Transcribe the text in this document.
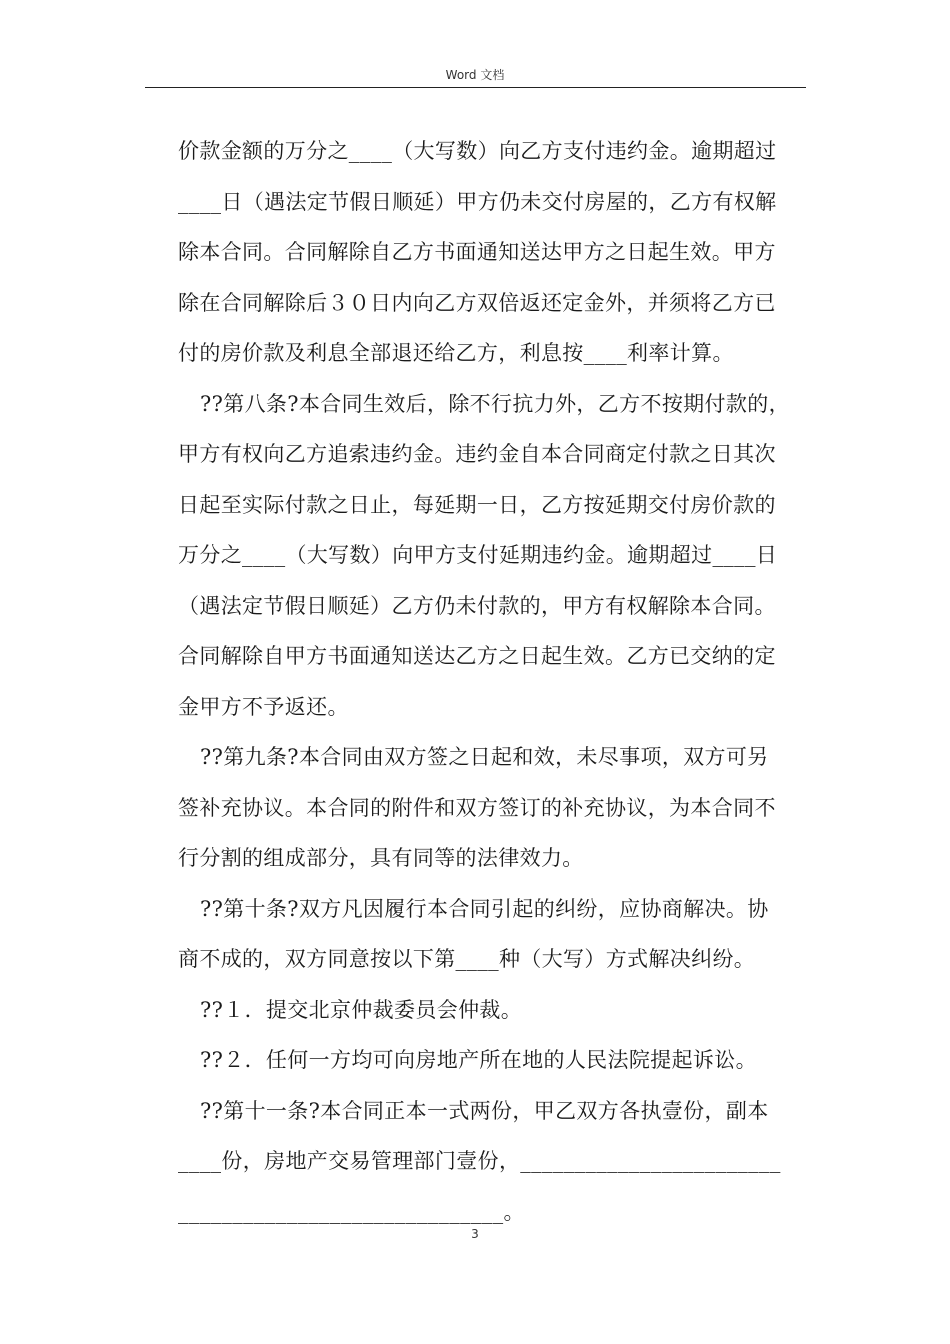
Word 文档
价款金额的万分之____（大写数）向乙方支付违约金。逾期超过
____日（遇法定节假日顺延）甲方仍未交付房屋的，乙方有权解
除本合同。合同解除自乙方书面通知送达甲方之日起生效。甲方
除在合同解除后３０日内向乙方双倍返还定金外，并须将乙方已
付的房价款及利息全部退还给乙方，利息按____利率计算。
??第八条?本合同生效后，除不行抗力外，乙方不按期付款的，
甲方有权向乙方追索违约金。违约金自本合同商定付款之日其次
日起至实际付款之日止，每延期一日，乙方按延期交付房价款的
万分之____（大写数）向甲方支付延期违约金。逾期超过____日
（遇法定节假日顺延）乙方仍未付款的，甲方有权解除本合同。
合同解除自甲方书面通知送达乙方之日起生效。乙方已交纳的定
金甲方不予返还。
??第九条?本合同由双方签之日起和效，未尽事项，双方可另
签补充协议。本合同的附件和双方签订的补充协议，为本合同不
行分割的组成部分，具有同等的法律效力。
??第十条?双方凡因履行本合同引起的纠纷，应协商解决。协
商不成的，双方同意按以下第____种（大写）方式解决纠纷。
??１．提交北京仲裁委员会仲裁。
??２．任何一方均可向房地产所在地的人民法院提起诉讼。
??第十一条?本合同正本一式两份，甲乙双方各执壹份，副本
____份，房地产交易管理部门壹份，________________________
______________________________。
3
